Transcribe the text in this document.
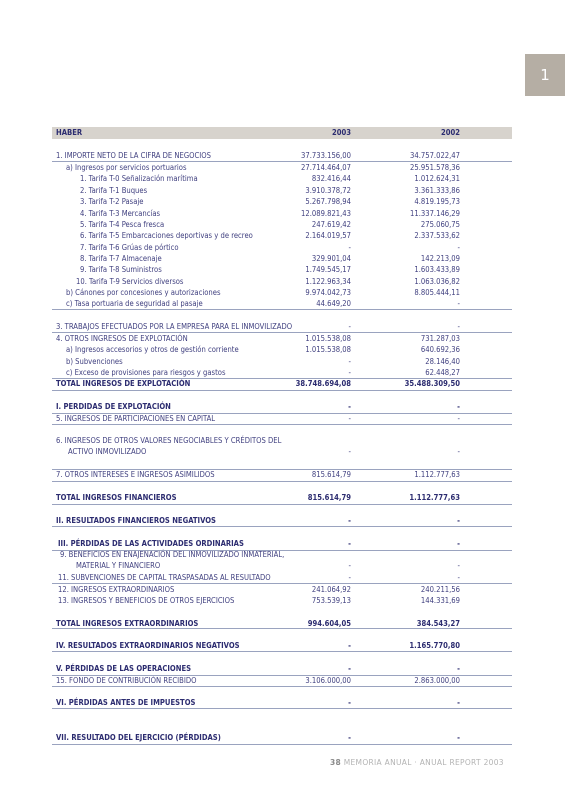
1
HABER	2003	2002
1. IMPORTE NETO DE LA CIFRA DE NEGOCIOS	37.733.156,00	34.757.022,47
a) Ingresos por servicios portuarios	27.714.464,07	25.951.578,36
1. Tarifa T-0 Señalización marítima	832.416,44	1.012.624,31
2. Tarifa T-1 Buques	3.910.378,72	3.361.333,86
3. Tarifa T-2 Pasaje	5.267.798,94	4.819.195,73
4. Tarifa T-3 Mercancías	12.089.821,43	11.337.146,29
5. Tarifa T-4 Pesca fresca	247.619,42	275.060,75
6. Tarifa T-5 Embarcaciones deportivas y de recreo	2.164.019,57	2.337.533,62
7. Tarifa T-6 Grúas de pórtico	-	-
8. Tarifa T-7 Almacenaje	329.901,04	142.213,09
9. Tarifa T-8 Suministros	1.749.545,17	1.603.433,89
10. Tarifa T-9 Servicios diversos	1.122.963,34	1.063.036,82
b) Cánones por concesiones y autorizaciones	9.974.042,73	8.805.444,11
c) Tasa portuaria de seguridad al pasaje	44.649,20	-
3. TRABAJOS EFECTUADOS POR LA EMPRESA PARA EL INMOVILIZADO	-	-
4. OTROS INGRESOS DE EXPLOTACIÓN	1.015.538,08	731.287,03
a) Ingresos accesorios y otros de gestión corriente	1.015.538,08	640.692,36
b) Subvenciones	-	28.146,40
c) Exceso de provisiones para riesgos y gastos	-	62.448,27
TOTAL INGRESOS DE EXPLOTACIÓN	38.748.694,08	35.488.309,50
I. PERDIDAS DE EXPLOTACIÓN	-	-
5. INGRESOS DE PARTICIPACIONES EN CAPITAL	-	-
6. INGRESOS DE OTROS VALORES NEGOCIABLES Y CRÉDITOS DEL
ACTIVO INMOVILIZADO	-	-
7. OTROS INTERESES E INGRESOS ASIMILIDOS	815.614,79	1.112.777,63
TOTAL INGRESOS FINANCIEROS	815.614,79	1.112.777,63
II. RESULTADOS FINANCIEROS NEGATIVOS	-	-
III. PÉRDIDAS DE LAS ACTIVIDADES ORDINARIAS	-	-
9. BENEFICIOS EN ENAJENACIÓN DEL INMOVILIZADO INMATERIAL,
MATERIAL Y FINANCIERO	-	-
11. SUBVENCIONES DE CAPITAL TRASPASADAS AL RESULTADO	-	-
12. INGRESOS EXTRAORDINARIOS	241.064,92	240.211,56
13. INGRESOS Y BENEFICIOS DE OTROS EJERCICIOS	753.539,13	144.331,69
TOTAL INGRESOS EXTRAORDINARIOS	994.604,05	384.543,27
IV. RESULTADOS EXTRAORDINARIOS NEGATIVOS	-	1.165.770,80
V. PÉRDIDAS DE LAS OPERACIONES	-	-
15. FONDO DE CONTRIBUCIÓN RECIBIDO	3.106.000,00	2.863.000,00
VI. PÉRDIDAS ANTES DE IMPUESTOS	-	-
VII. RESULTADO DEL EJERCICIO (PÉRDIDAS)	-	-
38 MEMORIA ANUAL · ANUAL REPORT 2003
